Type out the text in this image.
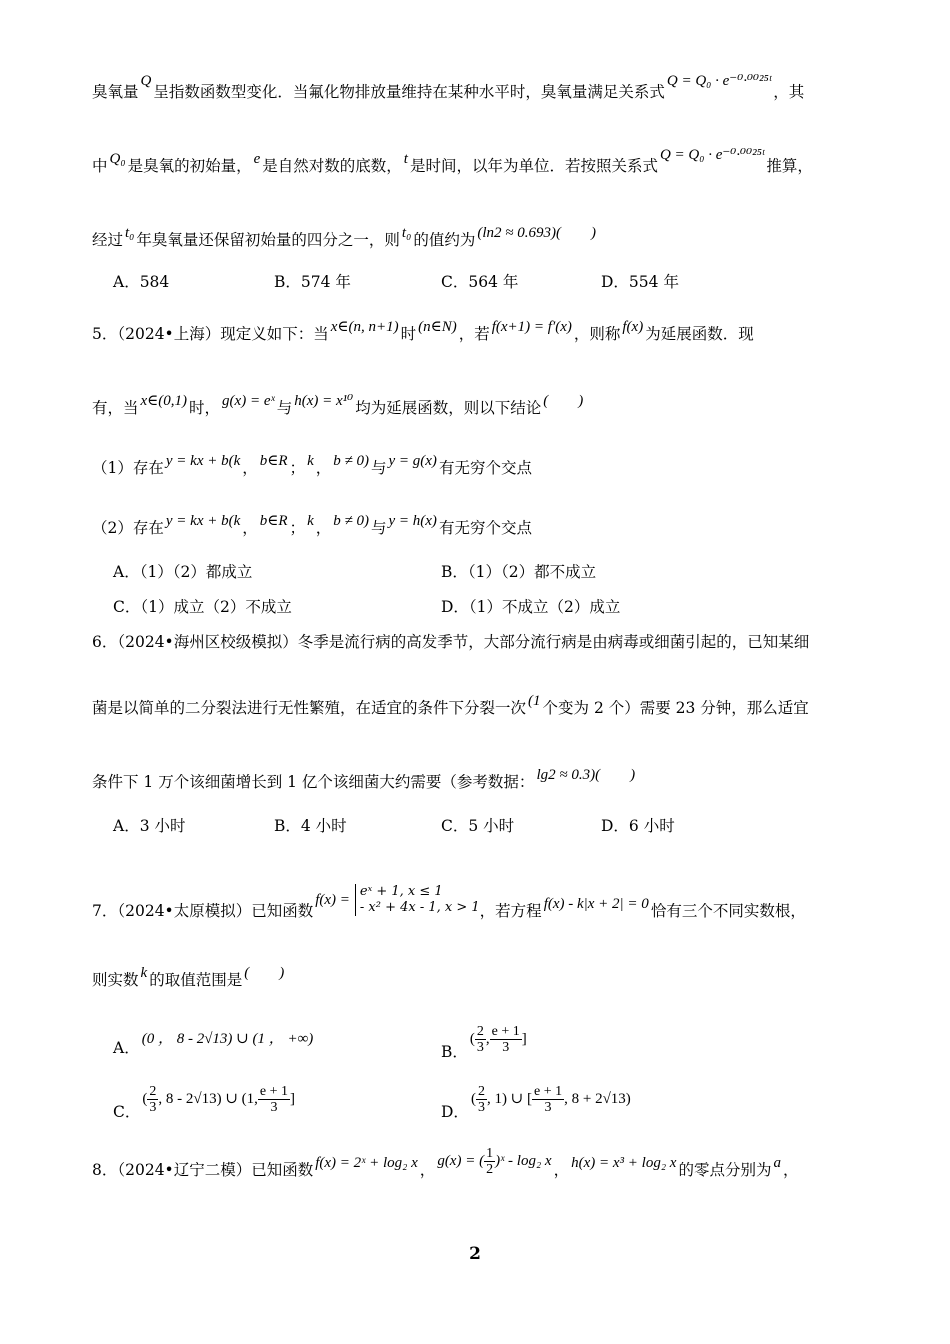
臭氧量Q呈指数函数型变化．当氟化物排放量维持在某种水平时，臭氧量满足关系式Q = Q₀ · e⁻⁰·⁰⁰²⁵ᵗ，其
中 Q₀ 是臭氧的初始量， e 是自然对数的底数， t 是时间，以年为单位．若按照关系式Q = Q₀ · e⁻⁰·⁰⁰²⁵ᵗ推算，
经过 t₀ 年臭氧量还保留初始量的四分之一，则 t₀ 的值约为 (ln2 ≈ 0.693)(　　)
A．584	B．574 年	C．564 年	D．554 年
5．（2024•上海）现定义如下：当 x∈(n, n+1) 时 (n∈N) ，若 f(x+1) = f′(x) ，则称 f(x) 为延展函数．现
有，当 x∈(0,1) 时， g(x) = eˣ 与 h(x) = x¹⁰ 均为延展函数，则以下结论 (　　)
（1）存在 y = kx + b(k ， b∈R ； k ， b ≠ 0) 与 y = g(x) 有无穷个交点
（2）存在 y = kx + b(k ， b∈R ； k ， b ≠ 0) 与 y = h(x) 有无穷个交点
A．（1）（2）都成立	B．（1）（2）都不成立
C．（1）成立（2）不成立	D．（1）不成立（2）成立
6．（2024•海州区校级模拟）冬季是流行病的高发季节，大部分流行病是由病毒或细菌引起的，已知某细
菌是以简单的二分裂法进行无性繁殖，在适宜的条件下分裂一次 (1 个变为 2 个）需要 23 分钟，那么适宜
条件下 1 万个该细菌增长到 1 亿个该细菌大约需要（参考数据： lg2 ≈ 0.3)(　　)
A．3 小时	B．4 小时	C．5 小时	D．6 小时
7．（2024•太原模拟）已知函数f(x) =
eˣ + 1, x ≤ 1
- x² + 4x - 1, x > 1 ，若方程 f(x) - k|x + 2| = 0 恰有三个不同实数根，
则实数 k 的取值范围是 (　　)
A． (0 ， 8 - 2√13) ∪ (1 ， +∞)
B．( $\frac{2}{3}$ , $\frac{e + 1}{3}$ ]
C．( $\frac{2}{3}$ , 8 - 2√13) ∪ (1, $\frac{e + 1}{3}$ ]
D．( $\frac{2}{3}$ , 1) ∪ [ $\frac{e + 1}{3}$ , 8 + 2√13)
8．（2024•辽宁二模）已知函数 f(x) = 2ˣ + log₂ x ， g(x) = ( $\frac{1}{2}$ )ˣ - log₂ x ， h(x) = x³ + log₂ x 的零点分别为 a ，
2
